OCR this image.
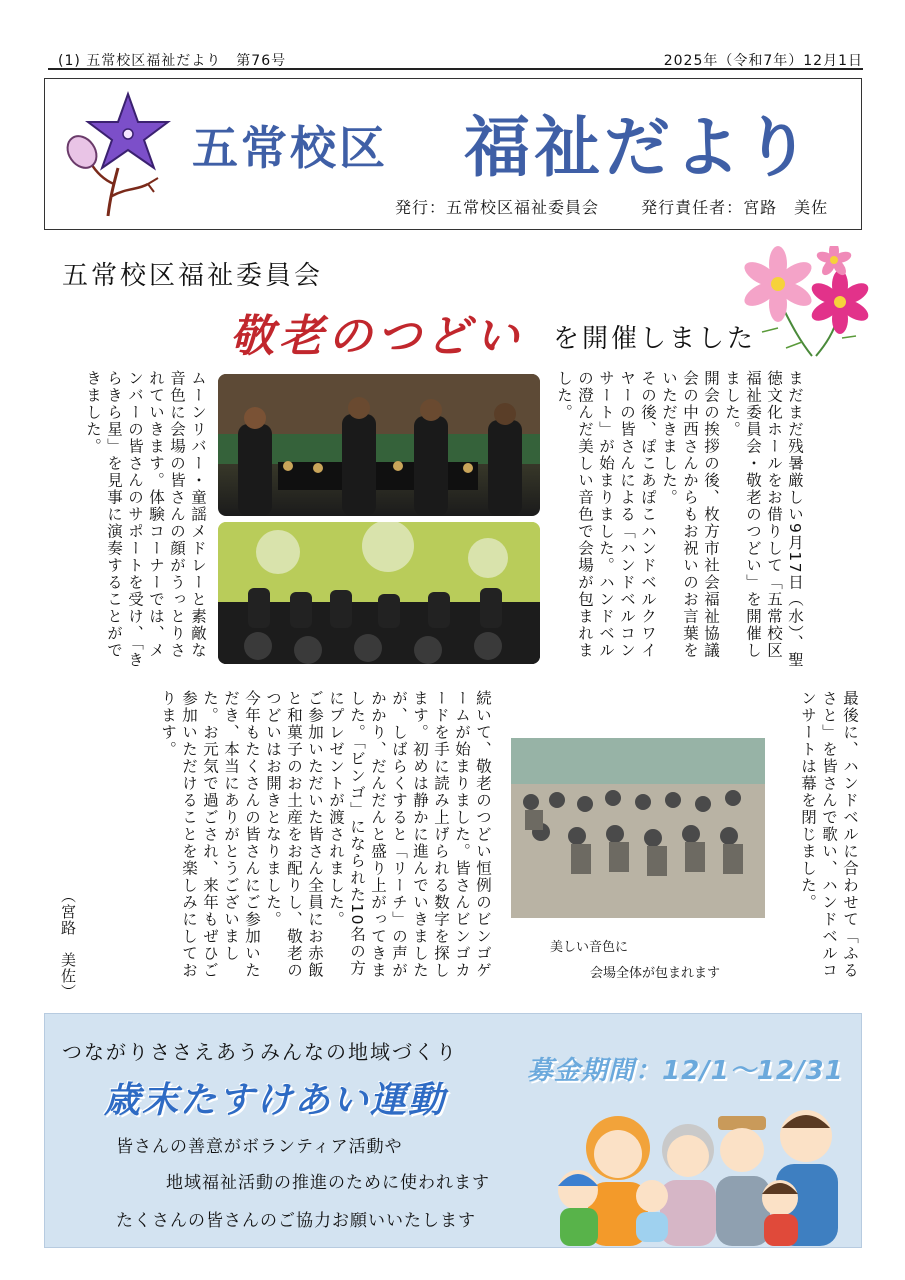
(1) 五常校区福祉だより　第76号	2025年（令和7年）12月1日
五常校区 福祉だより
発行：五常校区福祉委員会	発行責任者：宮路　美佐
五常校区福祉委員会
敬老のつどい を開催しました

まだまだ残暑厳しい9月17日（水）、聖徳文化ホールをお借りして「五常校区福祉委員会・敬老のつどい」を開催しました。

開会の挨拶の後、枚方市社会福祉協議会の中西さんからもお祝いのお言葉をいただきました。

その後、ぽこあぽこハンドベルクワイヤーの皆さんによる「ハンドベルコンサート」が始まりました。ハンドベルの澄んだ美しい音色で会場が包まれました。

ムーンリバー・童謡メドレーと素敵な音色に会場の皆さんの顔がうっとりされていきます。体験コーナーでは、メンバーの皆さんのサポートを受け、「きらきら星」を見事に演奏することができました。

最後に、ハンドベルに合わせて「ふるさと」を皆さんで歌い、ハンドベルコンサートは幕を閉じました。

続いて、敬老のつどい恒例のビンゴゲームが始まりました。皆さんビンゴカードを手に読み上げられる数字を探します。初めは静かに進んでいきましたが、しばらくすると「リーチ」の声がかかり、だんだんと盛り上がってきました。「ビンゴ」になられた10名の方にプレゼントが渡されました。

ご参加いただいた皆さん全員にお赤飯と和菓子のお土産をお配りし、敬老のつどいはお開きとなりました。

今年もたくさんの皆さんにご参加いただき、本当にありがとうございました。お元気で過ごされ、来年もぜひご参加いただけることを楽しみにしております。

（宮路　美佐）	美しい音色に
会場全体が包まれます
つながりささえあうみんなの地域づくり
歳末たすけあい運動
募金期間：12/1～12/31
皆さんの善意がボランティア活動や
地域福祉活動の推進のために使われます
たくさんの皆さんのご協力お願いいたします
